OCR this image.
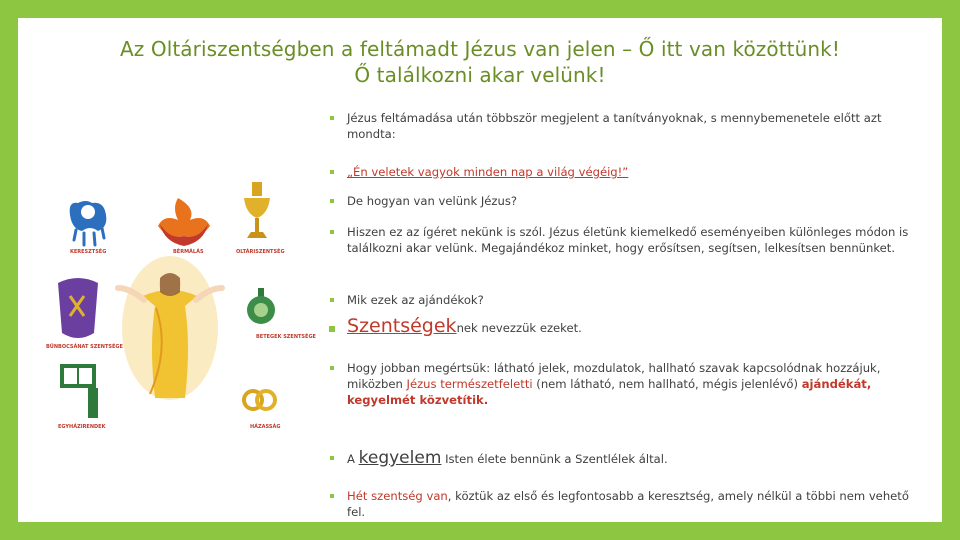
Az Oltáriszentségben a feltámadt Jézus van jelen – Ő itt van közöttünk!
Ő találkozni akar velünk!
KERESZTSÉG	BÉRMÁLÁS	OLTÁRISZENTSÉG
BŰNBOCSÁNAT SZENTSÉGE
BETEGEK SZENTSÉGE
EGYHÁZIRENDEK	HÁZASSÁG
Jézus feltámadása után többször megjelent a tanítványoknak, s mennybemenetele előtt azt mondta:
„Én veletek vagyok minden nap a világ végéig!”
De hogyan van velünk Jézus?
Hiszen ez az ígéret nekünk is szól. Jézus életünk kiemelkedő eseményeiben különleges módon is találkozni akar velünk. Megajándékoz minket, hogy erősítsen, segítsen, lelkesítsen bennünket.
Mik ezek az ajándékok?
Szentségeknek nevezzük ezeket.
Hogy jobban megértsük: látható jelek, mozdulatok, hallható szavak kapcsolódnak hozzájuk, miközben Jézus természetfeletti (nem látható, nem hallható, mégis jelenlévő) ajándékát, kegyelmét közvetítik.
A kegyelem Isten élete bennünk a Szentlélek által.
Hét szentség van, köztük az első és legfontosabb a keresztség, amely nélkül a többi nem vehető fel.
